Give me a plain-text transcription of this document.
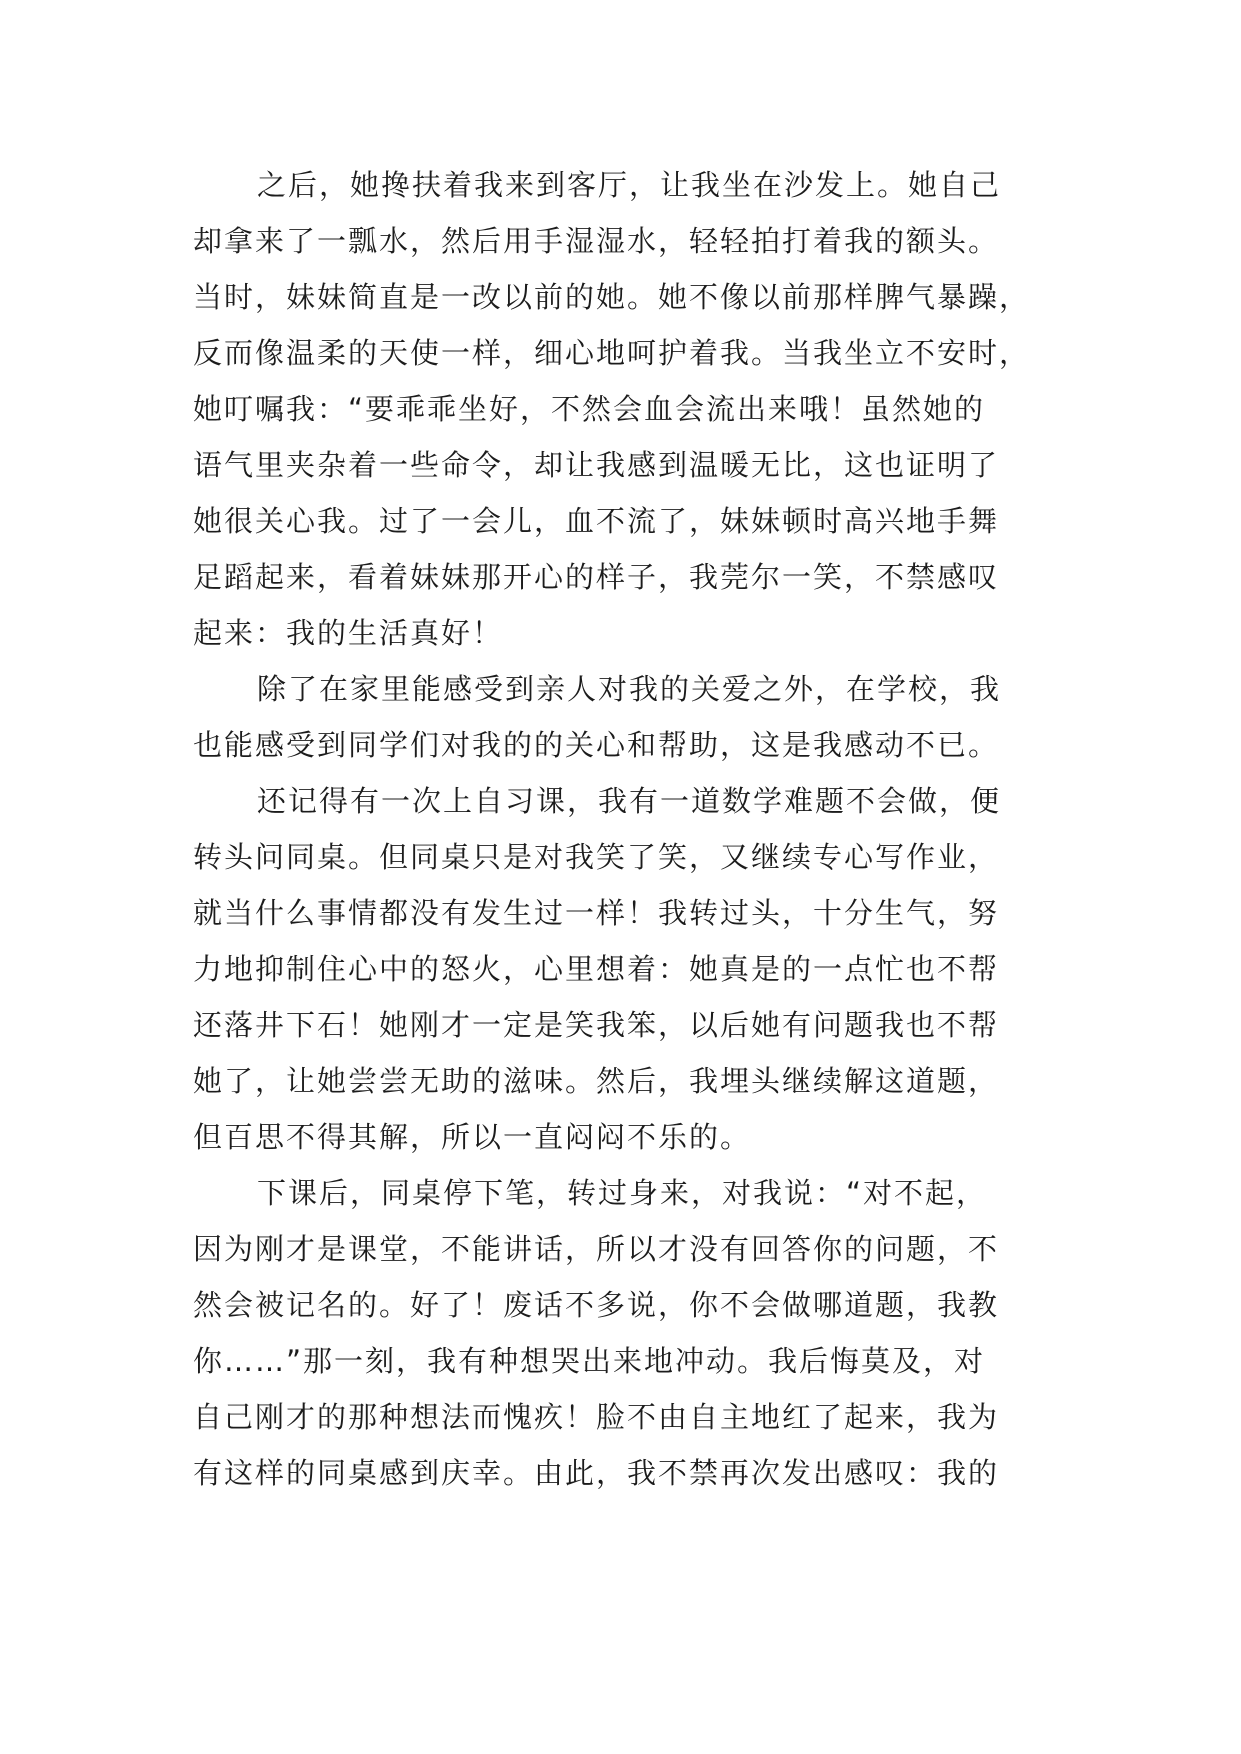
之后，她搀扶着我来到客厅，让我坐在沙发上。她自己
却拿来了一瓢水，然后用手湿湿水，轻轻拍打着我的额头。
当时，妹妹简直是一改以前的她。她不像以前那样脾气暴躁，
反而像温柔的天使一样，细心地呵护着我。当我坐立不安时，
她叮嘱我：“要乖乖坐好，不然会血会流出来哦！虽然她的
语气里夹杂着一些命令，却让我感到温暖无比，这也证明了
她很关心我。过了一会儿，血不流了，妹妹顿时高兴地手舞
足蹈起来，看着妹妹那开心的样子，我莞尔一笑，不禁感叹
起来：我的生活真好！
除了在家里能感受到亲人对我的关爱之外，在学校，我
也能感受到同学们对我的的关心和帮助，这是我感动不已。
还记得有一次上自习课，我有一道数学难题不会做，便
转头问同桌。但同桌只是对我笑了笑，又继续专心写作业，
就当什么事情都没有发生过一样！我转过头，十分生气，努
力地抑制住心中的怒火，心里想着：她真是的一点忙也不帮
还落井下石！她刚才一定是笑我笨，以后她有问题我也不帮
她了，让她尝尝无助的滋味。然后，我埋头继续解这道题，
但百思不得其解，所以一直闷闷不乐的。
下课后，同桌停下笔，转过身来，对我说：“对不起，
因为刚才是课堂，不能讲话，所以才没有回答你的问题，不
然会被记名的。好了！废话不多说，你不会做哪道题，我教
你……”那一刻，我有种想哭出来地冲动。我后悔莫及，对
自己刚才的那种想法而愧疚！脸不由自主地红了起来，我为
有这样的同桌感到庆幸。由此，我不禁再次发出感叹：我的
